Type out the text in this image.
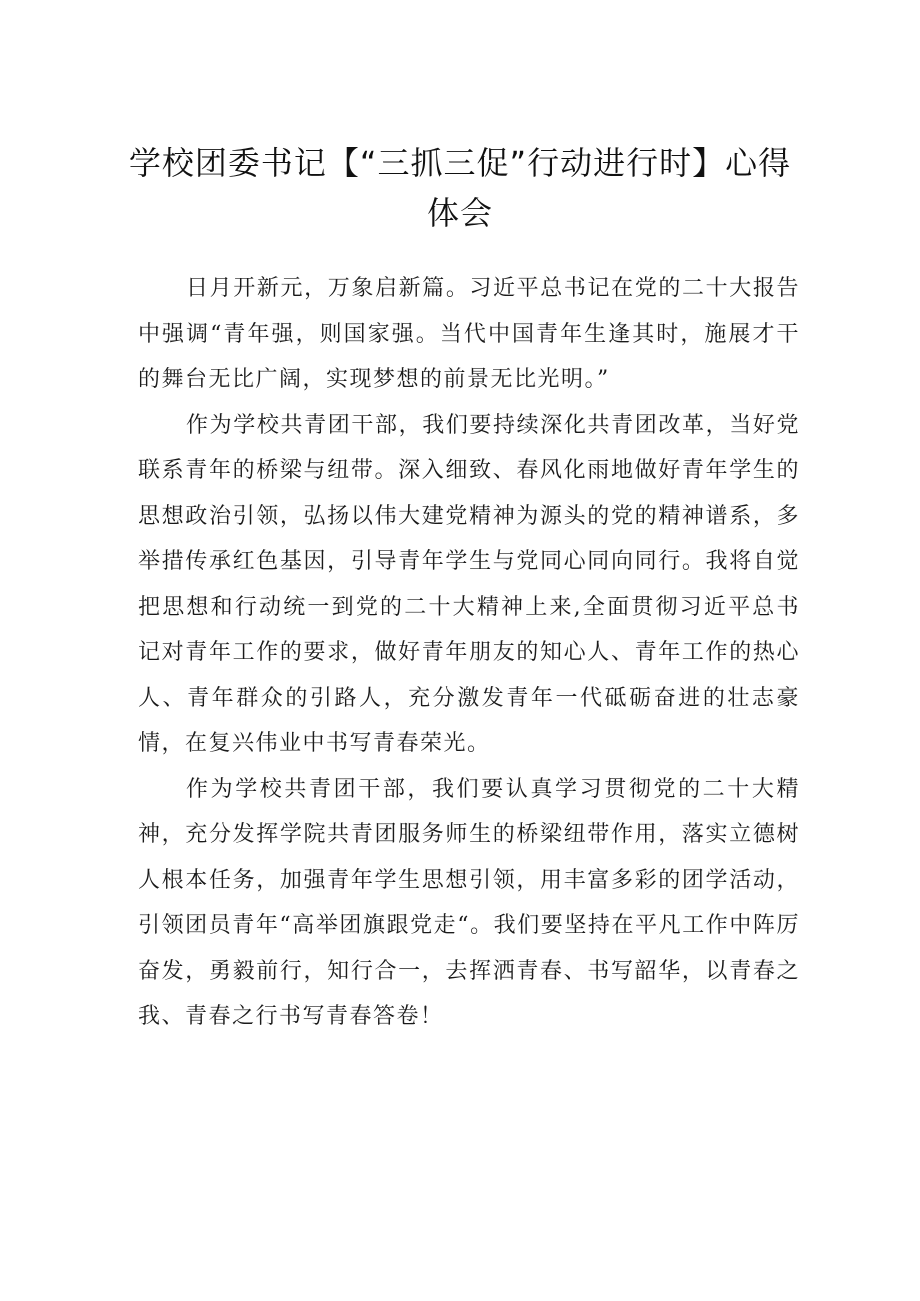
学校团委书记【“三抓三促”行动进行时】心得体会

日月开新元，万象启新篇。习近平总书记在党的二十大报告中强调“青年强，则国家强。当代中国青年生逢其时，施展才干的舞台无比广阔，实现梦想的前景无比光明。”

作为学校共青团干部，我们要持续深化共青团改革，当好党联系青年的桥梁与纽带。深入细致、春风化雨地做好青年学生的思想政治引领，弘扬以伟大建党精神为源头的党的精神谱系，多举措传承红色基因，引导青年学生与党同心同向同行。我将自觉把思想和行动统一到党的二十大精神上来,全面贯彻习近平总书记对青年工作的要求，做好青年朋友的知心人、青年工作的热心人、青年群众的引路人，充分激发青年一代砥砺奋进的壮志豪情，在复兴伟业中书写青春荣光。

作为学校共青团干部，我们要认真学习贯彻党的二十大精神，充分发挥学院共青团服务师生的桥梁纽带作用，落实立德树人根本任务，加强青年学生思想引领，用丰富多彩的团学活动，引领团员青年“高举团旗跟党走“。我们要坚持在平凡工作中阵厉奋发，勇毅前行，知行合一，去挥洒青春、书写韶华，以青春之我、青春之行书写青春答卷！
